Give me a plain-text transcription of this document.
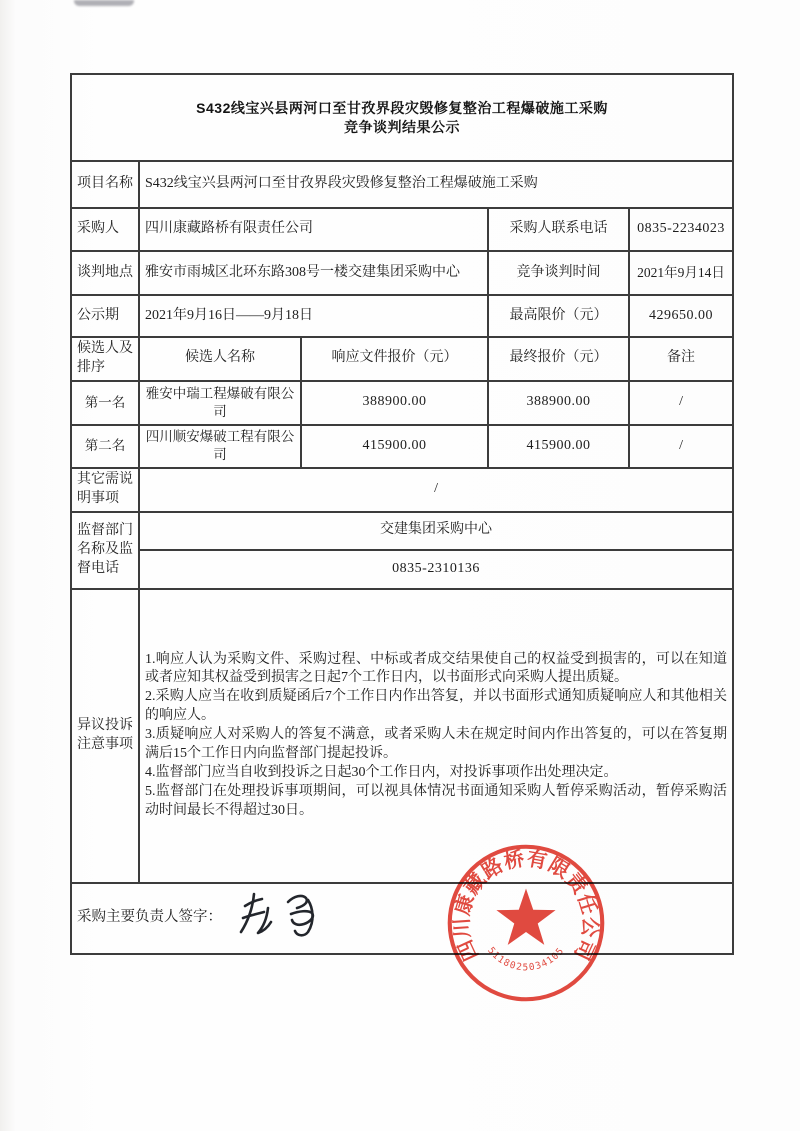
S432线宝兴县两河口至甘孜界段灾毁修复整治工程爆破施工采购
竞争谈判结果公示				

项目名称	S432线宝兴县两河口至甘孜界段灾毁修复整治工程爆破施工采购			
采购人	四川康藏路桥有限责任公司		采购人联系电话	0835-2234023
谈判地点	雅安市雨城区北环东路308号一楼交建集团采购中心		竞争谈判时间	2021年9月14日
公示期	2021年9月16日——9月18日		最高限价（元）	429650.00
候选人及排序	候选人名称	响应文件报价（元）	最终报价（元）	备注
第一名	雅安中瑞工程爆破有限公司	388900.00	388900.00	/
第二名	四川顺安爆破工程有限公司	415900.00	415900.00	/
其它需说明事项	/			
监督部门名称及监督电话	交建集团采购中心			
	0835-2310136			
异议投诉注意事项	1.响应人认为采购文件、采购过程、中标或者成交结果使自己的权益受到损害的，可以在知道或者应知其权益受到损害之日起7个工作日内，以书面形式向采购人提出质疑。
2.采购人应当在收到质疑函后7个工作日内作出答复，并以书面形式通知质疑响应人和其他相关的响应人。
3.质疑响应人对采购人的答复不满意，或者采购人未在规定时间内作出答复的，可以在答复期满后15个工作日内向监督部门提起投诉。
4.监督部门应当自收到投诉之日起30个工作日内，对投诉事项作出处理决定。
5.监督部门在处理投诉事项期间，可以视具体情况书面通知采购人暂停采购活动，暂停采购活动时间最长不得超过30日。			

采购主要负责人签字：				
四川康藏路桥有限责任公司
5118025034105
